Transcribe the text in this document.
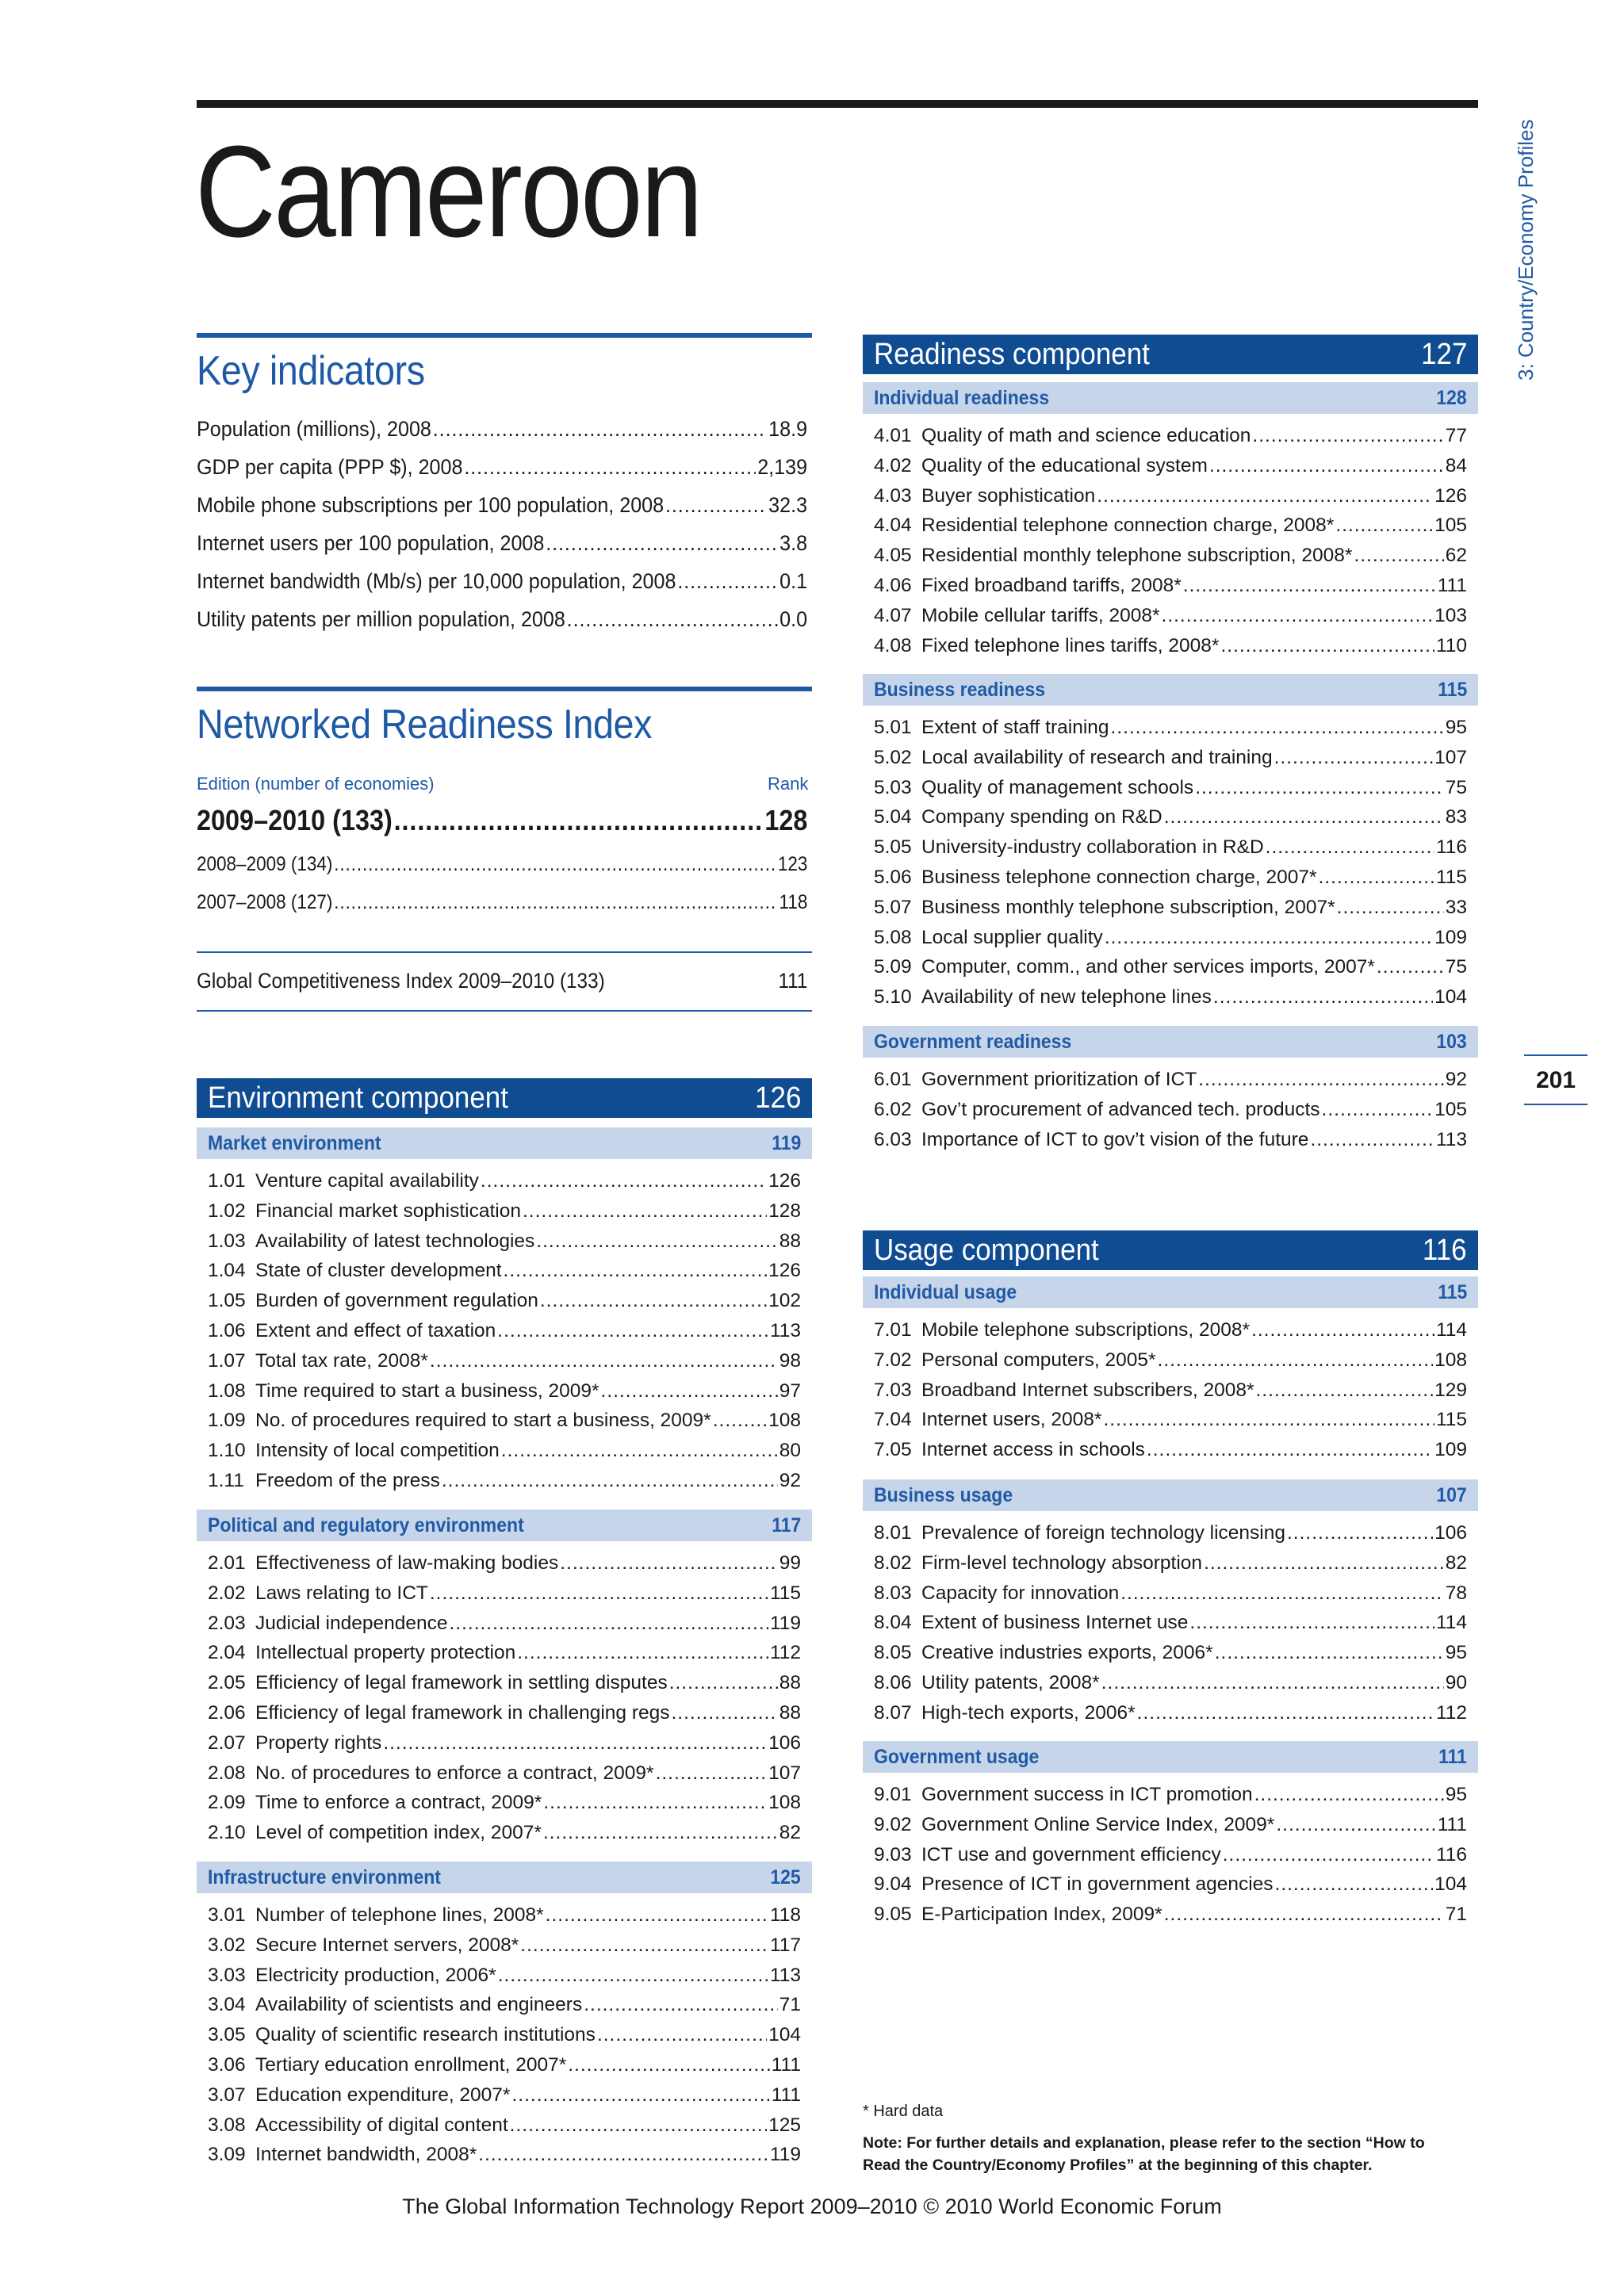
Cameroon	3: Country/Economy Profiles
201
Key indicators
Population (millions), 2008 .....	18.9
GDP per capita (PPP $), 2008 .....	2,139
Mobile phone subscriptions per 100 population, 2008 .....	32.3
Internet users per 100 population, 2008 .....	3.8
Internet bandwidth (Mb/s) per 10,000 population, 2008 .....	0.1
Utility patents per million population, 2008 .....	0.0
Networked Readiness Index
Edition (number of economies)	Rank
2009–2010 (133) .....	128
2008–2009 (134) .....	123
2007–2008 (127) .....	118
Global Competitiveness Index 2009–2010 (133)	111
Environment component	126
Market environment	119
1.01 Venture capital availability .....	126
1.02 Financial market sophistication .....	128
1.03 Availability of latest technologies .....	88
1.04 State of cluster development .....	126
1.05 Burden of government regulation .....	102
1.06 Extent and effect of taxation .....	113
1.07 Total tax rate, 2008* .....	98
1.08 Time required to start a business, 2009* .....	97
1.09 No. of procedures required to start a business, 2009* .....	108
1.10 Intensity of local competition .....	80
1.11 Freedom of the press .....	92
Political and regulatory environment	117
2.01 Effectiveness of law-making bodies .....	99
2.02 Laws relating to ICT .....	115
2.03 Judicial independence .....	119
2.04 Intellectual property protection .....	112
2.05 Efficiency of legal framework in settling disputes .....	88
2.06 Efficiency of legal framework in challenging regs .....	88
2.07 Property rights .....	106
2.08 No. of procedures to enforce a contract, 2009* .....	107
2.09 Time to enforce a contract, 2009* .....	108
2.10 Level of competition index, 2007* .....	82
Infrastructure environment	125
3.01 Number of telephone lines, 2008* .....	118
3.02 Secure Internet servers, 2008* .....	117
3.03 Electricity production, 2006* .....	113
3.04 Availability of scientists and engineers .....	71
3.05 Quality of scientific research institutions .....	104
3.06 Tertiary education enrollment, 2007* .....	111
3.07 Education expenditure, 2007* .....	111
3.08 Accessibility of digital content .....	125
3.09 Internet bandwidth, 2008* .....	119
Readiness component	127
Individual readiness	128
4.01 Quality of math and science education .....	77
4.02 Quality of the educational system .....	84
4.03 Buyer sophistication .....	126
4.04 Residential telephone connection charge, 2008* .....	105
4.05 Residential monthly telephone subscription, 2008* .....	62
4.06 Fixed broadband tariffs, 2008* .....	111
4.07 Mobile cellular tariffs, 2008* .....	103
4.08 Fixed telephone lines tariffs, 2008* .....	110
Business readiness	115
5.01 Extent of staff training .....	95
5.02 Local availability of research and training .....	107
5.03 Quality of management schools .....	75
5.04 Company spending on R&D .....	83
5.05 University-industry collaboration in R&D .....	116
5.06 Business telephone connection charge, 2007* .....	115
5.07 Business monthly telephone subscription, 2007* .....	33
5.08 Local supplier quality .....	109
5.09 Computer, comm., and other services imports, 2007* .....	75
5.10 Availability of new telephone lines .....	104
Government readiness	103
6.01 Government prioritization of ICT .....	92
6.02 Gov’t procurement of advanced tech. products .....	105
6.03 Importance of ICT to gov’t vision of the future .....	113
Usage component	116
Individual usage	115
7.01 Mobile telephone subscriptions, 2008* .....	114
7.02 Personal computers, 2005* .....	108
7.03 Broadband Internet subscribers, 2008* .....	129
7.04 Internet users, 2008* .....	115
7.05 Internet access in schools .....	109
Business usage	107
8.01 Prevalence of foreign technology licensing .....	106
8.02 Firm-level technology absorption .....	82
8.03 Capacity for innovation .....	78
8.04 Extent of business Internet use .....	114
8.05 Creative industries exports, 2006* .....	95
8.06 Utility patents, 2008* .....	90
8.07 High-tech exports, 2006* .....	112
Government usage	111
9.01 Government success in ICT promotion .....	95
9.02 Government Online Service Index, 2009* .....	111
9.03 ICT use and government efficiency .....	116
9.04 Presence of ICT in government agencies .....	104
9.05 E-Participation Index, 2009* .....	71
* Hard data
Note: For further details and explanation, please refer to the section “How to
Read the Country/Economy Profiles” at the beginning of this chapter.
The Global Information Technology Report 2009–2010 © 2010 World Economic Forum
